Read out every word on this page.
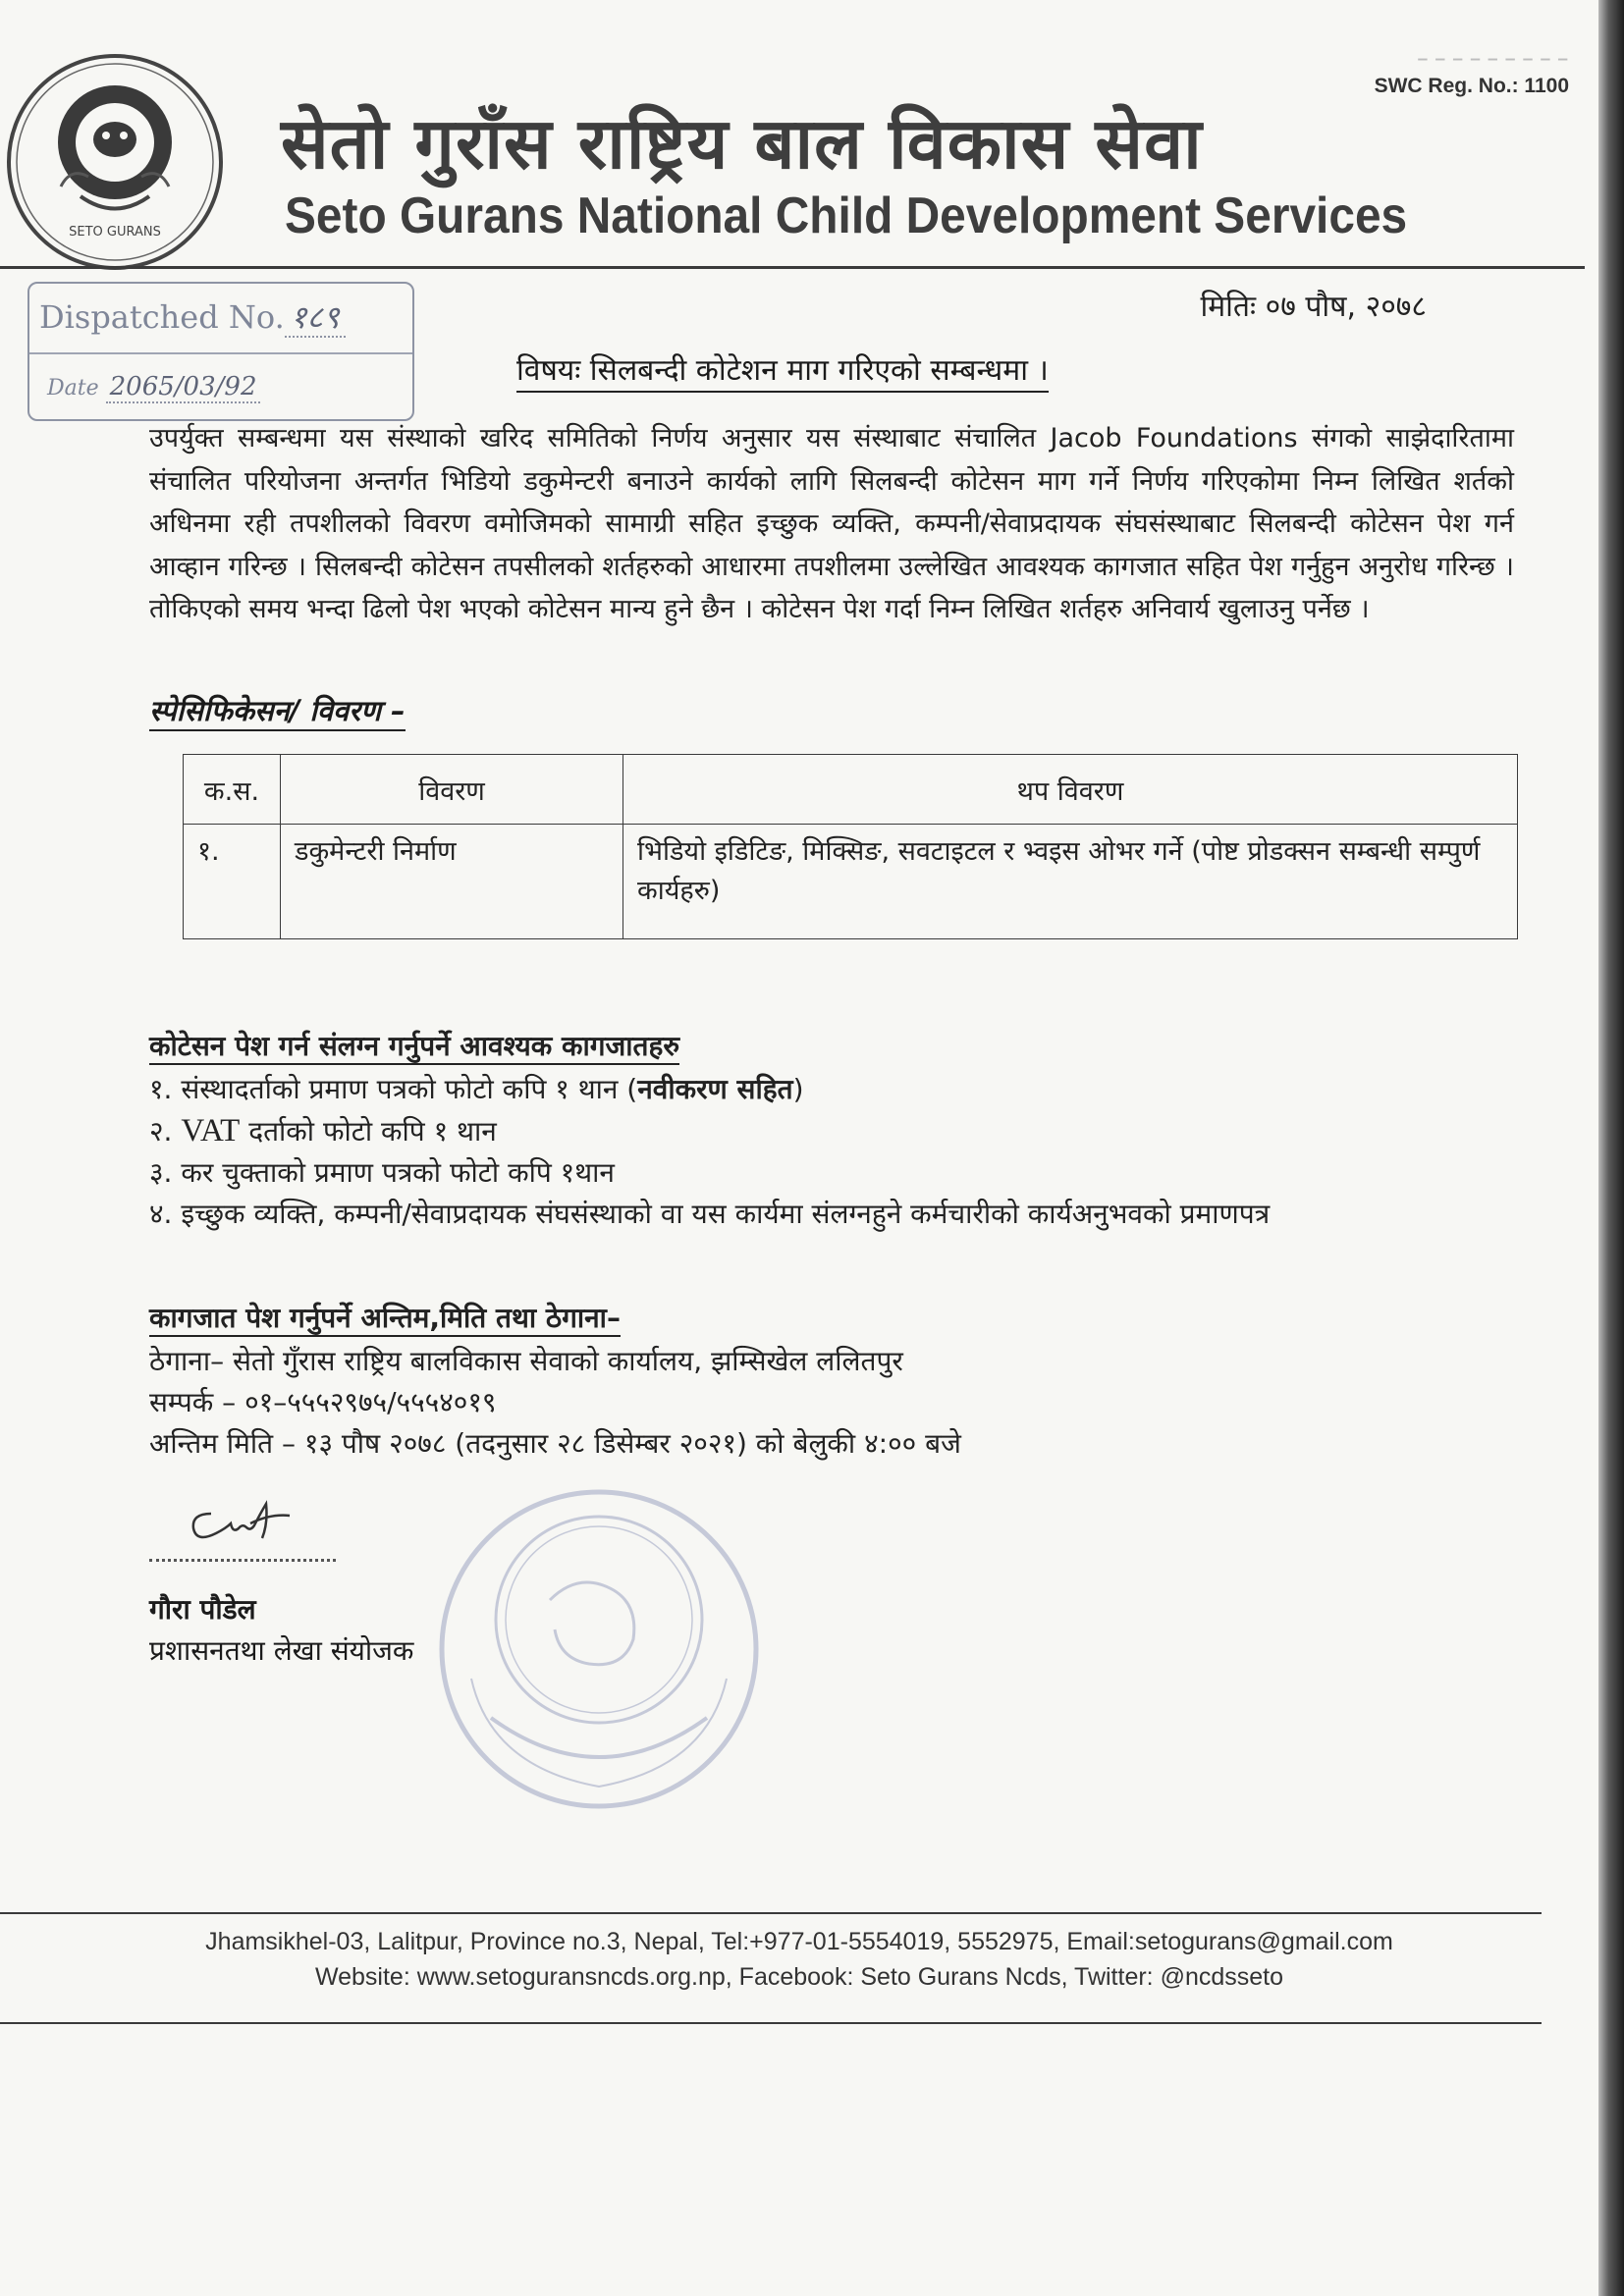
– – – – – – – – –
SWC Reg. No.: 1100
SETO GURANS
सेतो गुराँस राष्ट्रिय बाल विकास सेवा
Seto Gurans National Child Development Services
Dispatched No. १८९
Date 2065/03/92
मितिः ०७ पौष, २०७८
विषयः सिलबन्दी कोटेशन माग गरिएको सम्बन्धमा ।
उपर्युक्त सम्बन्धमा यस संस्थाको खरिद समितिको निर्णय अनुसार यस संस्थाबाट संचालित Jacob Foundations संगको साझेदारितामा संचालित परियोजना अन्तर्गत भिडियो डकुमेन्टरी बनाउने कार्यको लागि सिलबन्दी कोटेसन माग गर्ने निर्णय गरिएकोमा निम्न लिखित शर्तको अधिनमा रही तपशीलको विवरण वमोजिमको सामाग्री सहित इच्छुक व्यक्ति, कम्पनी/सेवाप्रदायक संघसंस्थाबाट सिलबन्दी कोटेसन पेश गर्न आव्हान गरिन्छ । सिलबन्दी कोटेसन तपसीलको शर्तहरुको आधारमा तपशीलमा उल्लेखित आवश्यक कागजात सहित पेश गर्नुहुन अनुरोध गरिन्छ । तोकिएको समय भन्दा ढिलो पेश भएको कोटेसन मान्य हुने छैन । कोटेसन पेश गर्दा निम्न लिखित शर्तहरु अनिवार्य खुलाउनु पर्नेछ ।
स्पेसिफिकेसन/ विवरण –
क.स.	विवरण	थप विवरण
१.	डकुमेन्टरी निर्माण	भिडियो इडिटिङ, मिक्सिङ, सवटाइटल र भ्वइस ओभर गर्ने (पोष्ट प्रोडक्सन सम्बन्धी सम्पुर्ण कार्यहरु)
कोटेसन पेश गर्न संलग्न गर्नुपर्ने आवश्यक कागजातहरु
१. संस्थादर्ताको प्रमाण पत्रको फोटो कपि १ थान (नवीकरण सहित)
२. VAT दर्ताको फोटो कपि १ थान
३. कर चुक्ताको प्रमाण पत्रको फोटो कपि १थान
४. इच्छुक व्यक्ति, कम्पनी/सेवाप्रदायक संघसंस्थाको वा यस कार्यमा संलग्नहुने कर्मचारीको कार्यअनुभवको प्रमाणपत्र
कागजात पेश गर्नुपर्ने अन्तिम,मिति तथा ठेगाना–
ठेगाना– सेतो गुँरास राष्ट्रिय बालविकास सेवाको कार्यालय, झम्सिखेल ललितपुर
सम्पर्क – ०१–५५५२९७५/५५५४०१९
अन्तिम मिति – १३ पौष २०७८ (तदनुसार २८ डिसेम्बर २०२१) को बेलुकी ४:०० बजे
गौरा पौडेल
प्रशासनतथा लेखा संयोजक
Jhamsikhel-03, Lalitpur, Province no.3, Nepal, Tel:+977-01-5554019, 5552975, Email:setogurans@gmail.com
Website: www.setoguransncds.org.np, Facebook: Seto Gurans Ncds, Twitter: @ncdsseto
